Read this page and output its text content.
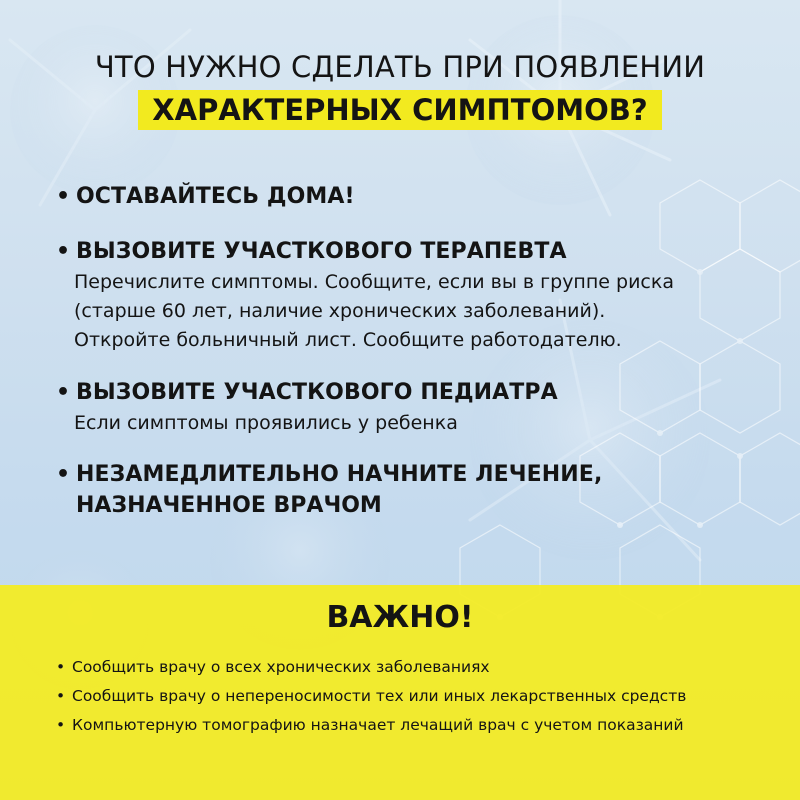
ЧТО НУЖНО СДЕЛАТЬ ПРИ ПОЯВЛЕНИИ
ХАРАКТЕРНЫХ СИМПТОМОВ?
• ОСТАВАЙТЕСЬ ДОМА!
• ВЫЗОВИТЕ УЧАСТКОВОГО ТЕРАПЕВТА
Перечислите симптомы. Сообщите, если вы в группе риска
(старше 60 лет, наличие хронических заболеваний).
Откройте больничный лист. Сообщите работодателю.
• ВЫЗОВИТЕ УЧАСТКОВОГО ПЕДИАТРА
Если симптомы проявились у ребенка
• НЕЗАМЕДЛИТЕЛЬНО НАЧНИТЕ ЛЕЧЕНИЕ,
НАЗНАЧЕННОЕ ВРАЧОМ
ВАЖНО!
• Сообщить врачу о всех хронических заболеваниях
• Сообщить врачу о непереносимости тех или иных лекарственных средств
• Компьютерную томографию назначает лечащий врач с учетом показаний
